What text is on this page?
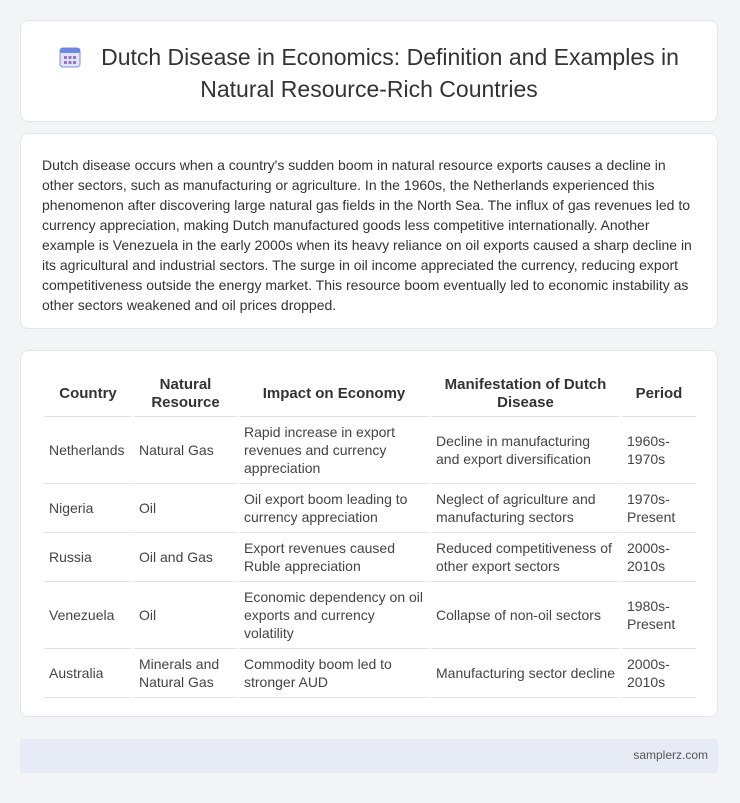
Dutch Disease in Economics: Definition and Examples in Natural Resource-Rich Countries

Dutch disease occurs when a country's sudden boom in natural resource exports causes a decline in other sectors, such as manufacturing or agriculture. In the 1960s, the Netherlands experienced this phenomenon after discovering large natural gas fields in the North Sea. The influx of gas revenues led to currency appreciation, making Dutch manufactured goods less competitive internationally. Another example is Venezuela in the early 2000s when its heavy reliance on oil exports caused a sharp decline in its agricultural and industrial sectors. The surge in oil income appreciated the currency, reducing export competitiveness outside the energy market. This resource boom eventually led to economic instability as other sectors weakened and oil prices dropped.

Country	Natural Resource	Impact on Economy	Manifestation of Dutch Disease	Period
Netherlands	Natural Gas	Rapid increase in export revenues and currency appreciation	Decline in manufacturing and export diversification	1960s-1970s
Nigeria	Oil	Oil export boom leading to currency appreciation	Neglect of agriculture and manufacturing sectors	1970s-Present
Russia	Oil and Gas	Export revenues caused Ruble appreciation	Reduced competitiveness of other export sectors	2000s-2010s
Venezuela	Oil	Economic dependency on oil exports and currency volatility	Collapse of non-oil sectors	1980s-Present
Australia	Minerals and Natural Gas	Commodity boom led to stronger AUD	Manufacturing sector decline	2000s-2010s
samplerz.com
